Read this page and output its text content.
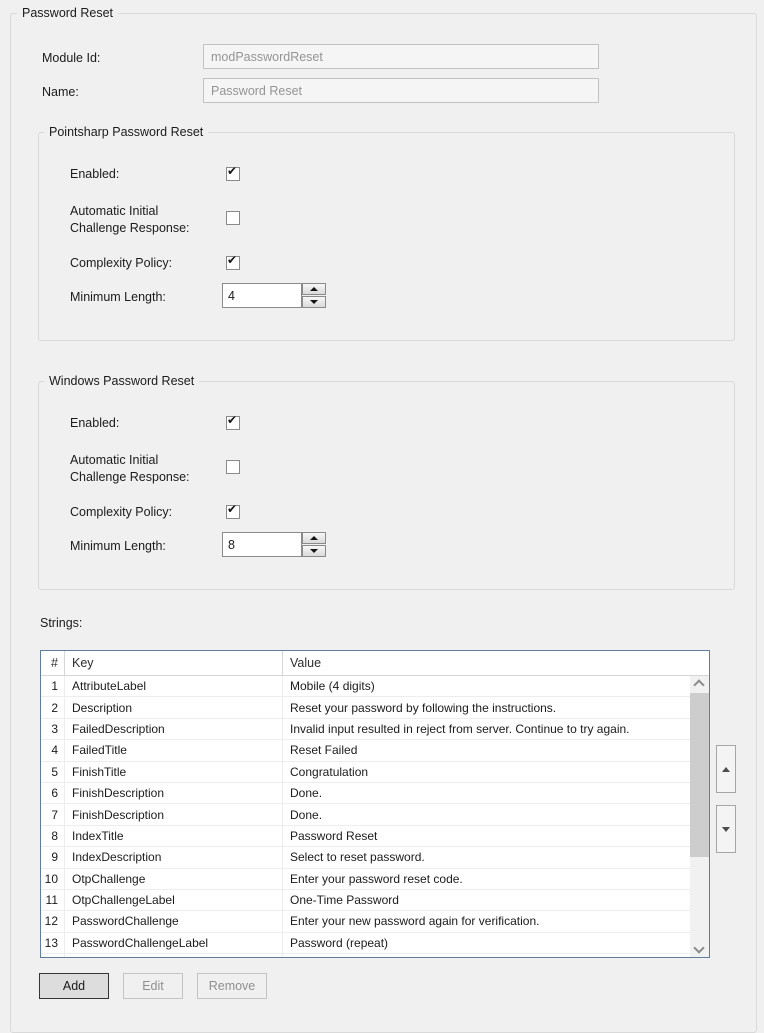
Password Reset
Module Id:
modPasswordReset
Name:
Password Reset
Pointsharp Password Reset
Enabled:	✔
Automatic Initial Challenge Response:
Complexity Policy:	✔
Minimum Length:
4
Windows Password Reset
Enabled:	✔
Automatic Initial Challenge Response:
Complexity Policy:	✔
Minimum Length:
8
Strings:
#	Key	Value
1	AttributeLabel	Mobile (4 digits)
2	Description	Reset your password by following the instructions.
3	FailedDescription	Invalid input resulted in reject from server. Continue to try again.
4	FailedTitle	Reset Failed
5	FinishTitle	Congratulation
6	FinishDescription	Done.
7	FinishDescription	Done.
8	IndexTitle	Password Reset
9	IndexDescription	Select to reset password.
10	OtpChallenge	Enter your password reset code.
11	OtpChallengeLabel	One-Time Password
12	PasswordChallenge	Enter your new password again for verification.
13	PasswordChallengeLabel	Password (repeat)
Add	Edit	Remove
